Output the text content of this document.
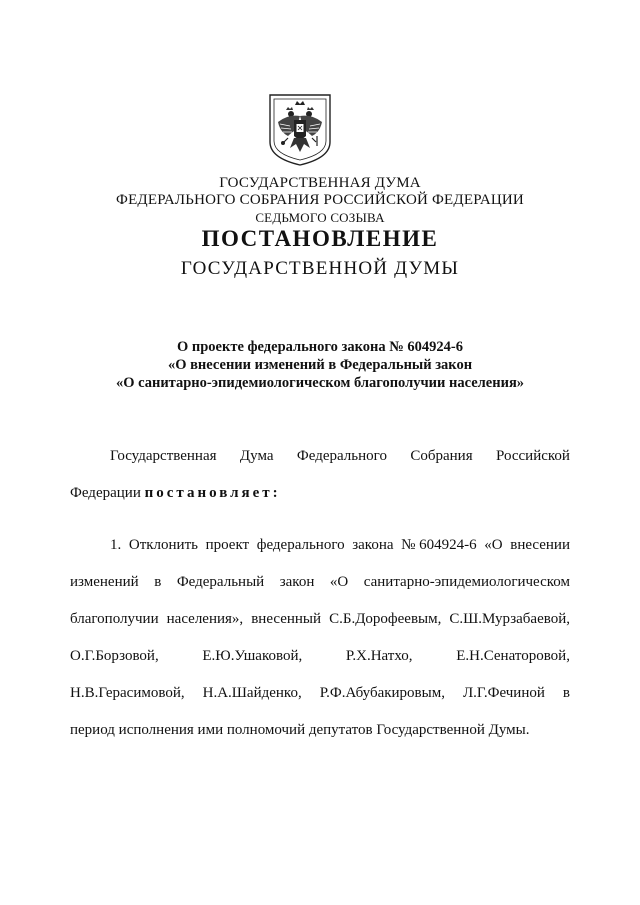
ГОСУДАРСТВЕННАЯ ДУМА
ФЕДЕРАЛЬНОГО СОБРАНИЯ РОССИЙСКОЙ ФЕДЕРАЦИИ
СЕДЬМОГО СОЗЫВА
ПОСТАНОВЛЕНИЕ
ГОСУДАРСТВЕННОЙ ДУМЫ
О проекте федерального закона № 604924-6
«О внесении изменений в Федеральный закон
«О санитарно-эпидемиологическом благополучии населения»
Государственная Дума Федерального Собрания Российской
Федерации постановляет:
1. Отклонить проект федерального закона № 604924-6 «О внесении
изменений в Федеральный закон «О санитарно-эпидемиологическом
благополучии населения», внесенный С.Б.Дорофеевым, С.Ш.Мурзабаевой,
О.Г.Борзовой,	Е.Ю.Ушаковой,	Р.Х.Натхо,	Е.Н.Сенаторовой,
Н.В.Герасимовой, Н.А.Шайденко, Р.Ф.Абубакировым, Л.Г.Фечиной в
период исполнения ими полномочий депутатов Государственной Думы.
